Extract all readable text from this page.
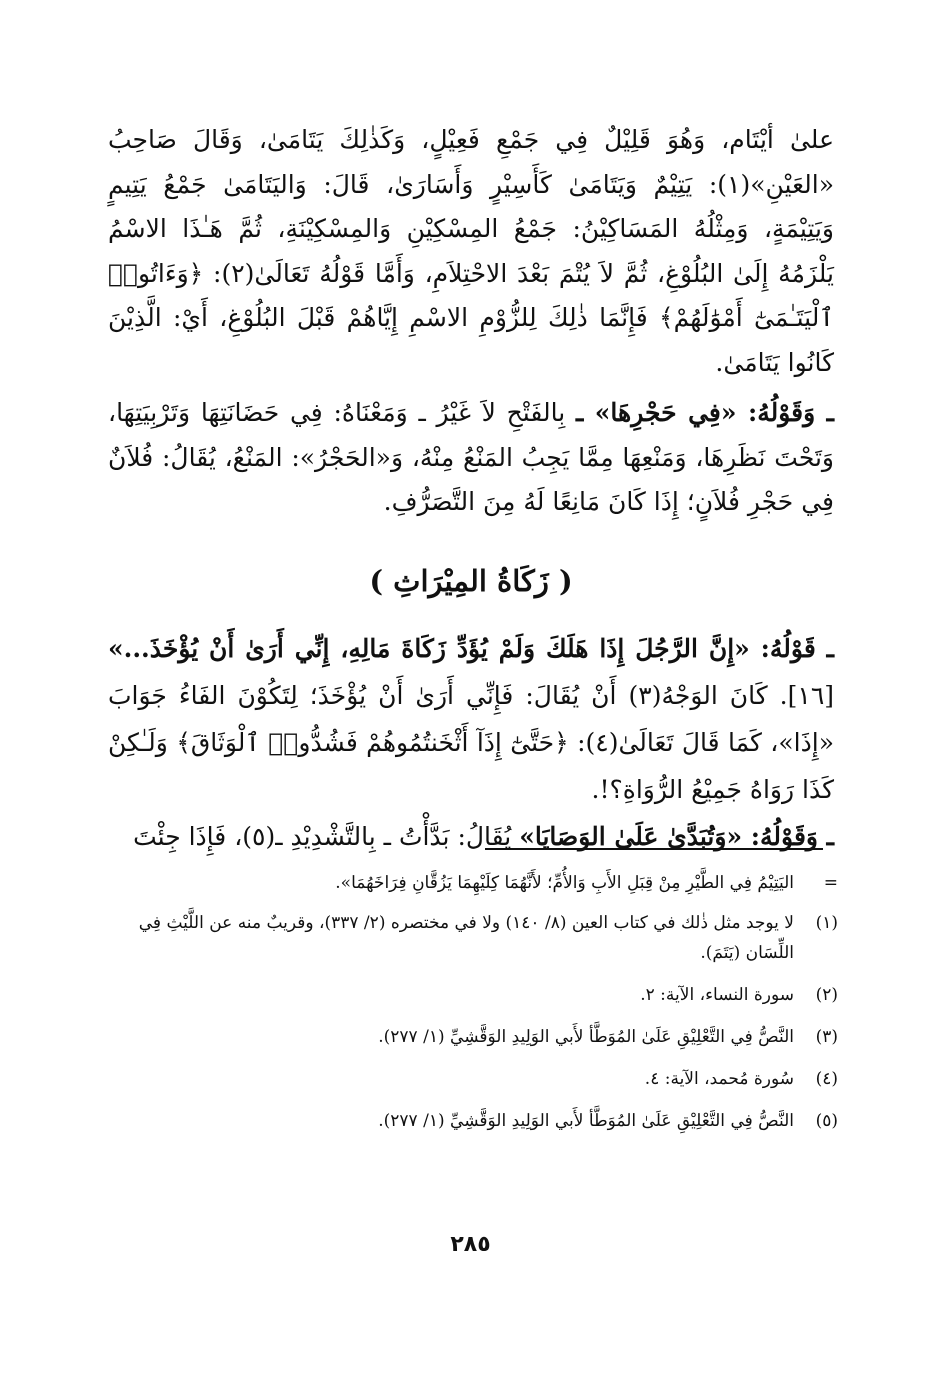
علىٰ أيْتَام، وَهُوَ قَلِيْلٌ فِي جَمْعِ فَعِيْلٍ، وَكَذٰلِكَ يَتَامَىٰ، وَقَالَ صَاحِبُ «العَيْنِ»(١): يَتِيْمٌ وَيَتَامَىٰ كَأَسِيْرٍ وَأَسَارَىٰ، قَالَ: وَاليَتَامَىٰ جَمْعُ يَتِيمٍ وَيَتِيْمَةٍ، وَمِثْلُهُ المَسَاكِيْنُ: جَمْعُ المِسْكِيْنِ وَالمِسْكِيْنَةِ، ثُمَّ هَـٰذَا الاسْمُ يَلْزَمُهُ إِلَىٰ البُلُوْغِ، ثُمَّ لاَ يُتْمَ بَعْدَ الاحْتِلاَمِ، وَأَمَّا قَوْلُهُ تَعَالَىٰ(٢): ﴿وَءَاتُوا۟ ٱلْيَتَـٰمَىٰٓ أَمْوَٰلَهُمْ﴾ فَإِنَّمَا ذٰلِكَ لِلزُّوْمِ الاسْمِ إِيَّاهُمْ قَبْلَ البُلُوْغِ، أَيْ: الَّذِيْنَ كَانُوا يَتَامَىٰ.

ـ وَقَوْلُهُ: «فِي حَجْرِهَا» ـ بِالفَتْحِ لاَ غَيْرُ ـ وَمَعْنَاهُ: فِي حَضَانَتِهَا وَتَرْبِيَتِهَا، وَتَحْتَ نَظَرِهَا، وَمَنْعِهَا مِمَّا يَجِبُ المَنْعُ مِنْهُ، وَ«الحَجْرُ»: المَنْعُ، يُقَالُ: فُلاَنٌ فِي حَجْرِ فُلاَنٍ؛ إِذَا كَانَ مَانِعًا لَهُ مِنَ التَّصَرُّفِ.

( زَكَاةُ المِيْرَاثِ )

ـ قَوْلُهُ: «إِنَّ الرَّجُلَ إِذَا هَلَكَ وَلَمْ يُؤَدِّ زَكَاةَ مَالِهِ، إِنِّي أَرَىٰ أَنْ يُؤْخَذَ...» [١٦]. كَانَ الوَجْهُ(٣) أَنْ يُقَالَ: فَإِنِّي أَرَىٰ أَنْ يُؤْخَذَ؛ لِتَكُوْنَ الفَاءُ جَوَابَ «إِذَا»، كَمَا قَالَ تَعَالَىٰ(٤): ﴿حَتَّىٰٓ إِذَآ أَثْخَنتُمُوهُمْ فَشُدُّوا۟ ٱلْوَثَاقَ﴾ وَلَـٰكِنْ كَذَا رَوَاهُ جَمِيْعُ الرُّوَاةِ؟!.

ـ وَقَوْلُهُ: «وَتُبَدَّىٰ عَلَىٰ الوَصَايَا» يُقَالُ: بَدَّأْتُ ـ بِالتَّشْدِيْدِ ـ(٥)، فَإِذَا جِئْتَ

=
اليَتِيْمُ فِي الطَّيْرِ مِنْ قِبَلِ الأَبِ وَالأُمِّ؛ لأَنَّهُمَا كِلَيْهِمَا يَزُقَّانِ فِرَاخَهُمَا».
(١)
لا يوجد مثل ذٰلك في كتاب العين (٨/ ١٤٠) ولا في مختصره (٢/ ٣٣٧)، وقريبٌ منه عن اللَّيْثِ فِي اللِّسَان (يَتَمَ).
(٢)
سورة النساء، الآية: ٢.
(٣)
النَّصُّ فِي التَّعْلِيْقِ عَلَىٰ المُوَطَّأ لأَبي الوَلِيدِ الوَقَّشِيِّ (١/ ٢٧٧).
(٤)
سُورة مُحمد، الآية: ٤.
(٥)
النَّصُّ فِي التَّعْلِيْقِ عَلَىٰ المُوَطَّأ لأَبي الوَلِيدِ الوَقَّشِيِّ (١/ ٢٧٧).
٢٨٥
